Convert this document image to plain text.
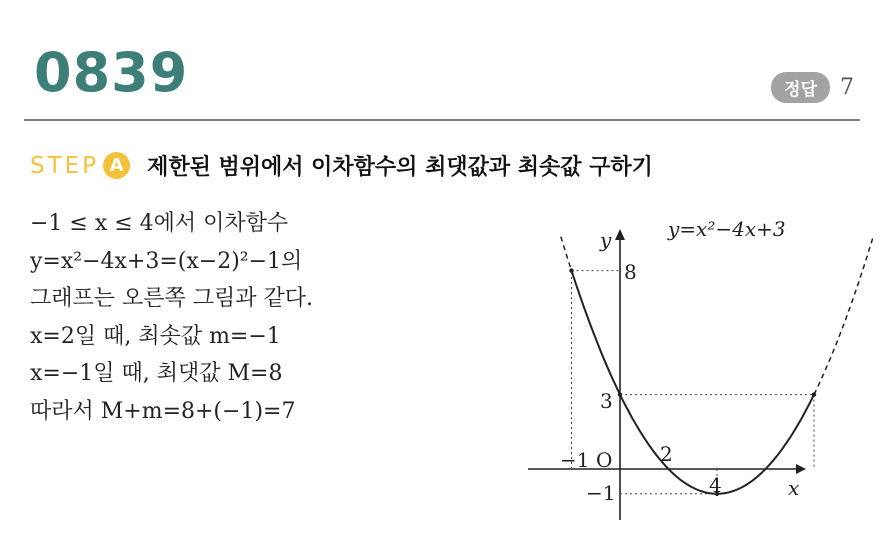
0839	정답	7
STEP A 제한된 범위에서 이차함수의 최댓값과 최솟값 구하기
−1 ≤ x ≤ 4에서 이차함수
y=x²−4x+3=(x−2)²−1의
그래프는 오른쪽 그림과 같다.
x=2일 때, 최솟값 m=−1
x=−1일 때, 최댓값 M=8
따라서 M+m=8+(−1)=7
y=x²−4x+3
y
x
O
8
3
−1	2
4
−1
